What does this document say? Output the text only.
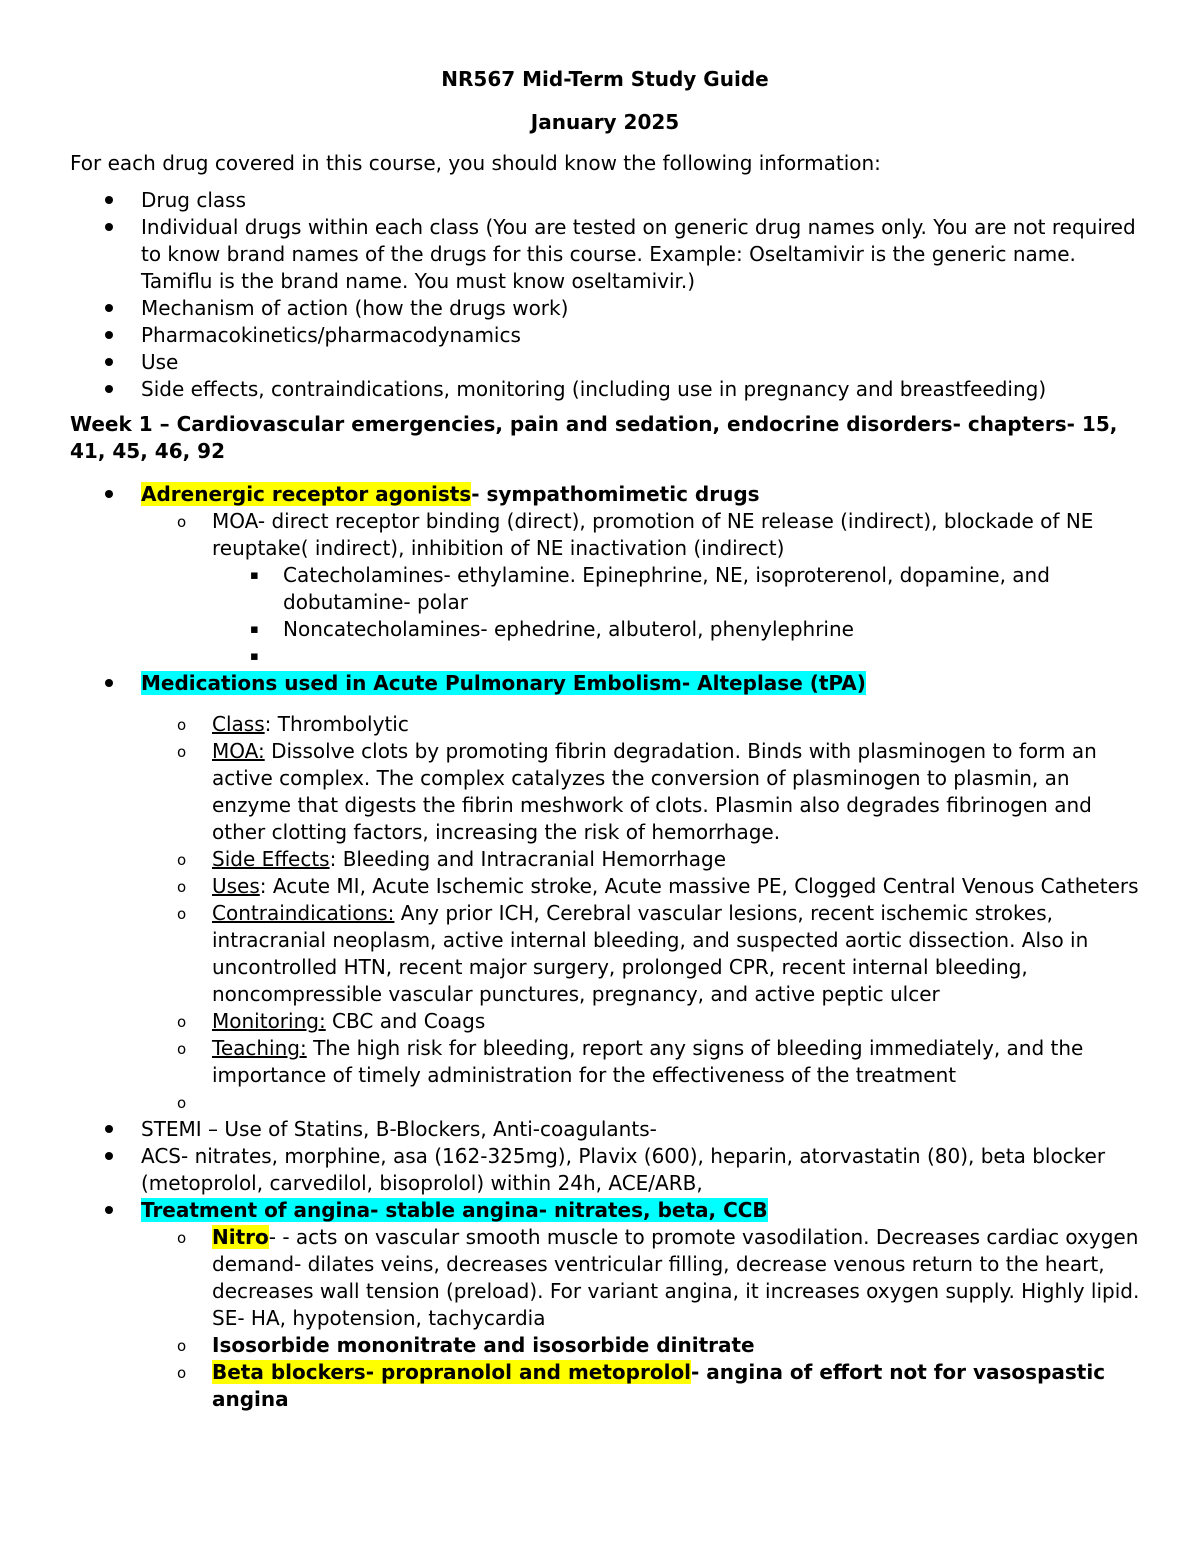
NR567 Mid-Term Study Guide
January 2025
For each drug covered in this course, you should know the following information:
Drug class
Individual drugs within each class (You are tested on generic drug names only. You are not required to know brand names of the drugs for this course. Example: Oseltamivir is the generic name. Tamiflu is the brand name. You must know oseltamivir.)
Mechanism of action (how the drugs work)
Pharmacokinetics/pharmacodynamics
Use
Side effects, contraindications, monitoring (including use in pregnancy and breastfeeding)
Week 1 – Cardiovascular emergencies, pain and sedation, endocrine disorders- chapters- 15, 41, 45, 46, 92
Adrenergic receptor agonists- sympathomimetic drugs
o MOA- direct receptor binding (direct), promotion of NE release (indirect), blockade of NE reuptake( indirect), inhibition of NE inactivation (indirect)
▪ Catecholamines- ethylamine. Epinephrine, NE, isoproterenol, dopamine, and dobutamine- polar
▪ Noncatecholamines- ephedrine, albuterol, phenylephrine
▪

Medications used in Acute Pulmonary Embolism- Alteplase (tPA)
o Class: Thrombolytic
o MOA: Dissolve clots by promoting fibrin degradation. Binds with plasminogen to form an active complex. The complex catalyzes the conversion of plasminogen to plasmin, an enzyme that digests the fibrin meshwork of clots. Plasmin also degrades fibrinogen and other clotting factors, increasing the risk of hemorrhage.
o Side Effects: Bleeding and Intracranial Hemorrhage
o Uses: Acute MI, Acute Ischemic stroke, Acute massive PE, Clogged Central Venous Catheters
o Contraindications: Any prior ICH, Cerebral vascular lesions, recent ischemic strokes, intracranial neoplasm, active internal bleeding, and suspected aortic dissection. Also in uncontrolled HTN, recent major surgery, prolonged CPR, recent internal bleeding, noncompressible vascular punctures, pregnancy, and active peptic ulcer
o Monitoring: CBC and Coags
o Teaching: The high risk for bleeding, report any signs of bleeding immediately, and the importance of timely administration for the effectiveness of the treatment
o

STEMI – Use of Statins, B-Blockers, Anti-coagulants-
ACS- nitrates, morphine, asa (162-325mg), Plavix (600), heparin, atorvastatin (80), beta blocker (metoprolol, carvedilol, bisoprolol) within 24h, ACE/ARB,
Treatment of angina- stable angina- nitrates, beta, CCB
o Nitro- - acts on vascular smooth muscle to promote vasodilation. Decreases cardiac oxygen demand- dilates veins, decreases ventricular filling, decrease venous return to the heart, decreases wall tension (preload). For variant angina, it increases oxygen supply. Highly lipid. SE- HA, hypotension, tachycardia
o Isosorbide mononitrate and isosorbide dinitrate
o Beta blockers- propranolol and metoprolol- angina of effort not for vasospastic angina
